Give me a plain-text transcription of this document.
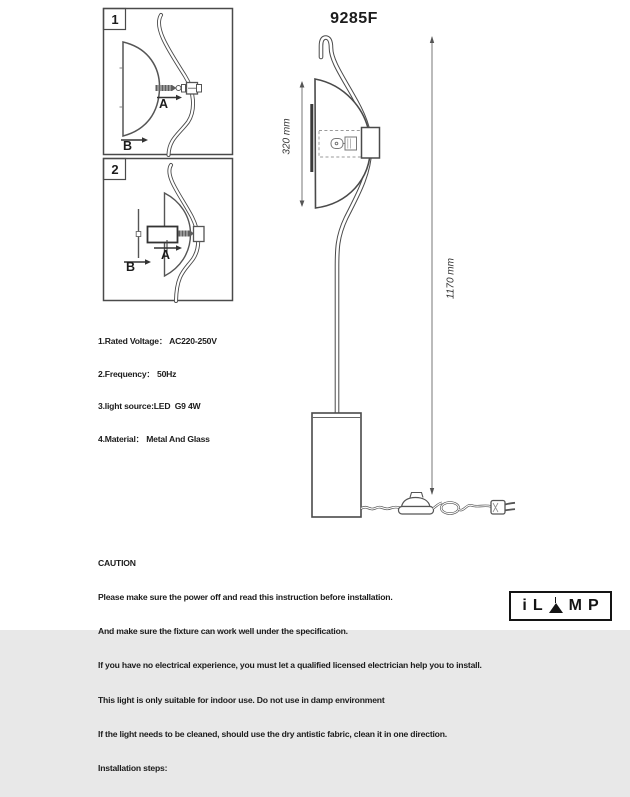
9285F
1
2
A
B
A
B
320 mm
1170 mm

1.Rated Voltage： AC220-250V

2.Frequency： 50Hz

3.light source:LED  G9 4W

4.Material： Metal And Glass

CAUTION

Please make sure the power off and read this instruction before installation.

And make sure the fixture can work well under the specification.

If you have no electrical experience, you must let a qualified licensed electrician help you to install.

This light is only suitable for indoor use. Do not use in damp environment

If the light needs to be cleaned, should use the dry antistic fabric, clean it in one direction.

Installation steps:

i L M P
